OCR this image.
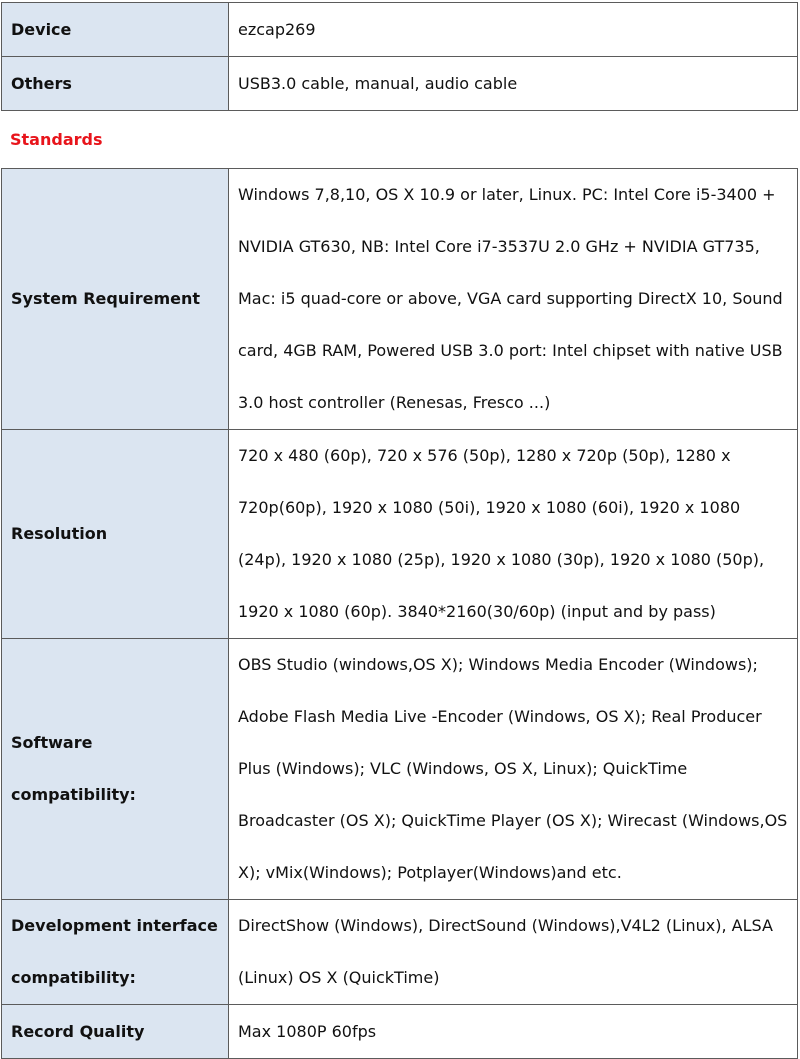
Device	ezcap269
Others	USB3.0 cable, manual, audio cable
Standards
System Requirement	Windows 7,8,10, OS X 10.9 or later, Linux. PC: Intel Core i5-3400 + NVIDIA GT630, NB: Intel Core i7-3537U 2.0 GHz + NVIDIA GT735, Mac: i5 quad-core or above, VGA card supporting DirectX 10, Sound card, 4GB RAM, Powered USB 3.0 port: Intel chipset with native USB 3.0 host controller (Renesas, Fresco ...)
Resolution	720 x 480 (60p), 720 x 576 (50p), 1280 x 720p (50p), 1280 x 720p(60p), 1920 x 1080 (50i), 1920 x 1080 (60i), 1920 x 1080 (24p), 1920 x 1080 (25p), 1920 x 1080 (30p), 1920 x 1080 (50p), 1920 x 1080 (60p). 3840*2160(30/60p) (input and by pass)
Software compatibility:	OBS Studio (windows,OS X); Windows Media Encoder (Windows); Adobe Flash Media Live -Encoder (Windows, OS X); Real Producer Plus (Windows); VLC (Windows, OS X, Linux); QuickTime Broadcaster (OS X); QuickTime Player (OS X); Wirecast (Windows,OS X); vMix(Windows); Potplayer(Windows)and etc.
Development interface compatibility:	DirectShow (Windows), DirectSound (Windows),V4L2 (Linux), ALSA (Linux) OS X (QuickTime)
Record Quality	Max 1080P 60fps
